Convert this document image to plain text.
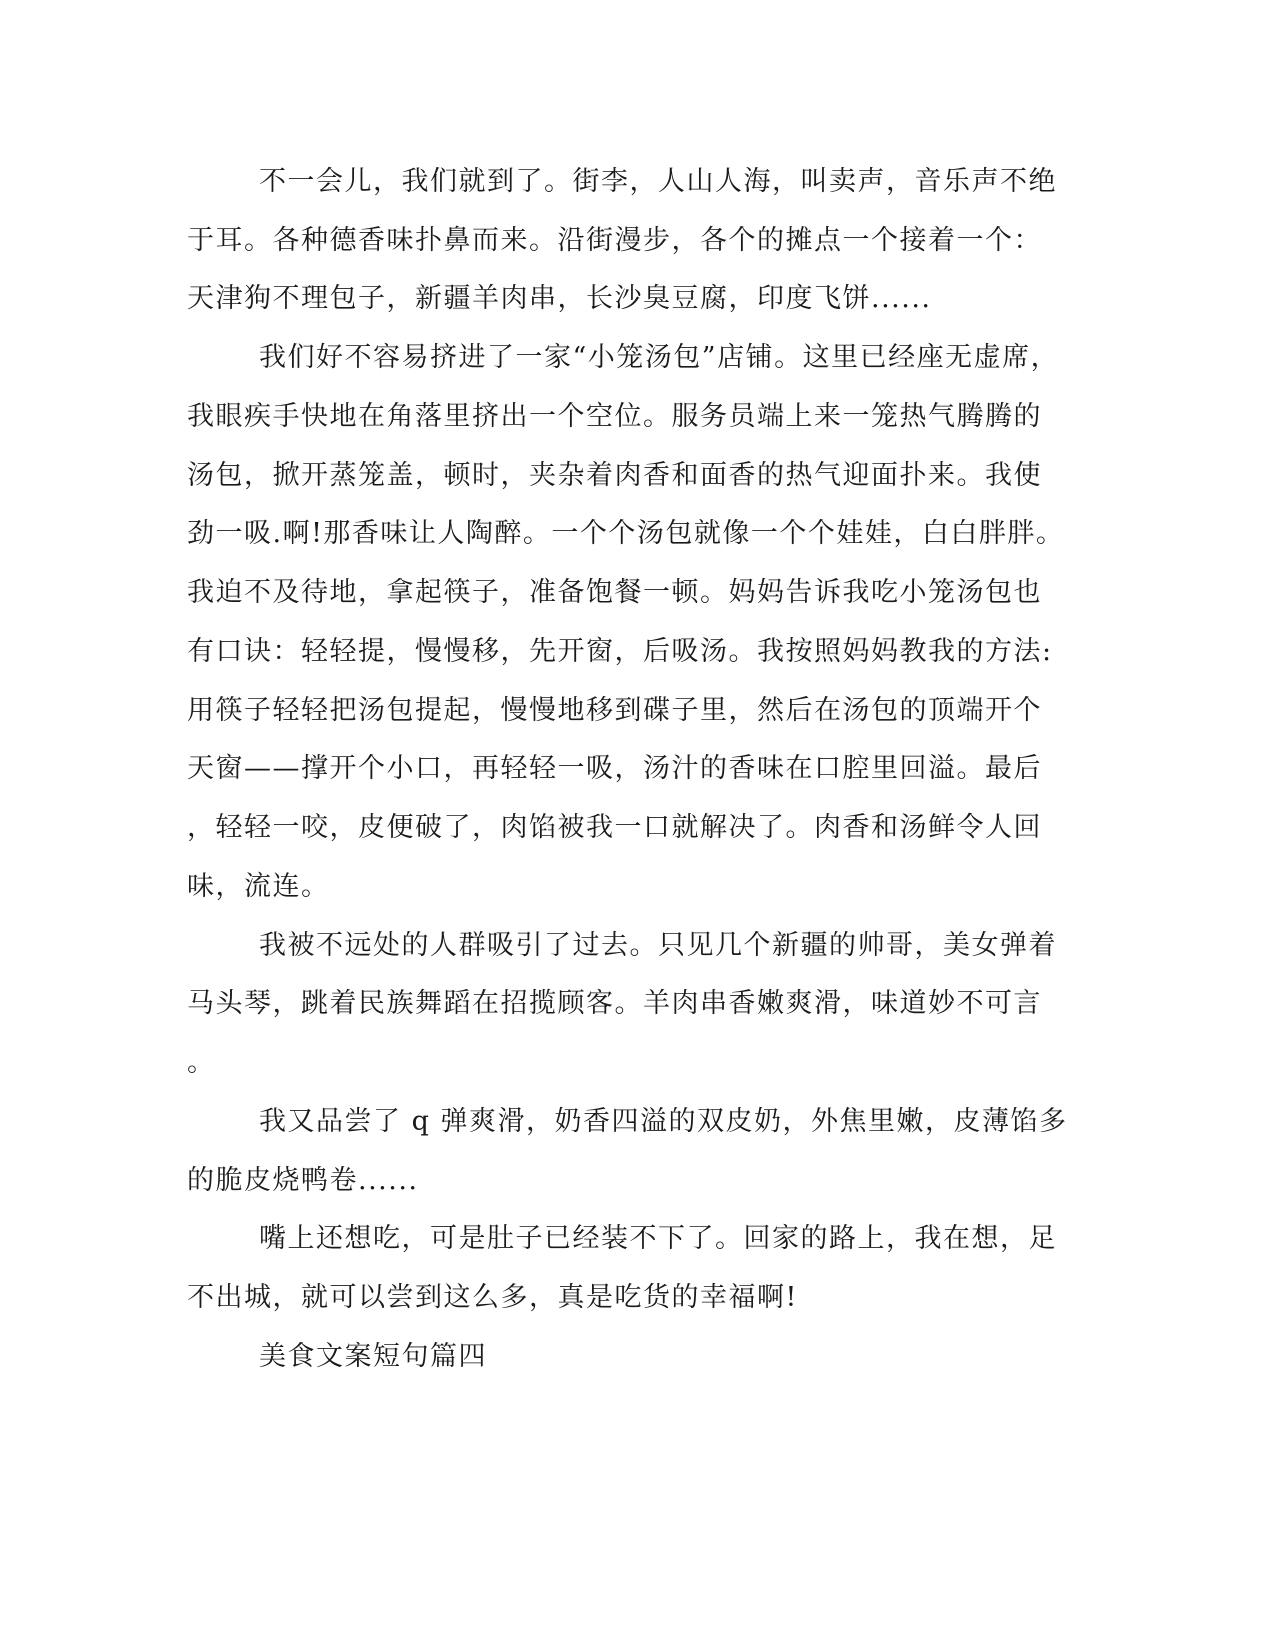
不一会儿，我们就到了。街李，人山人海，叫卖声，音乐声不绝
于耳。各种德香味扑鼻而来。沿街漫步，各个的摊点一个接着一个：
天津狗不理包子，新疆羊肉串，长沙臭豆腐，印度飞饼......
我们好不容易挤进了一家“小笼汤包”店铺。这里已经座无虚席，
我眼疾手快地在角落里挤出一个空位。服务员端上来一笼热气腾腾的
汤包，掀开蒸笼盖，顿时，夹杂着肉香和面香的热气迎面扑来。我使
劲一吸.啊!那香味让人陶醉。一个个汤包就像一个个娃娃，白白胖胖。
我迫不及待地，拿起筷子，准备饱餐一顿。妈妈告诉我吃小笼汤包也
有口诀：轻轻提，慢慢移，先开窗，后吸汤。我按照妈妈教我的方法:
用筷子轻轻把汤包提起，慢慢地移到碟子里，然后在汤包的顶端开个
天窗——撑开个小口，再轻轻一吸，汤汁的香味在口腔里回溢。最后
，轻轻一咬，皮便破了，肉馅被我一口就解决了。肉香和汤鲜令人回
味，流连。
我被不远处的人群吸引了过去。只见几个新疆的帅哥，美女弹着
马头琴，跳着民族舞蹈在招揽顾客。羊肉串香嫩爽滑，味道妙不可言
。
我又品尝了 q 弹爽滑，奶香四溢的双皮奶，外焦里嫩，皮薄馅多
的脆皮烧鸭卷......
嘴上还想吃，可是肚子已经装不下了。回家的路上，我在想，足
不出城，就可以尝到这么多，真是吃货的幸福啊!
美食文案短句篇四
